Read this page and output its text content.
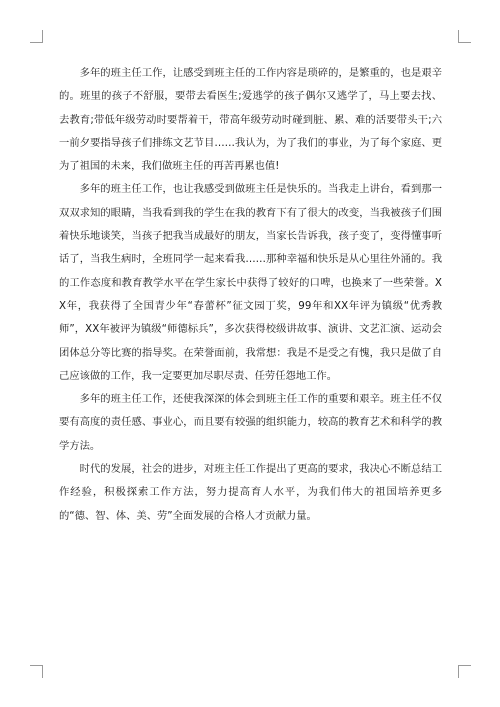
多年的班主任工作，让感受到班主任的工作内容是琐碎的，是繁重的，也是艰辛的。班里的孩子不舒服，要带去看医生;爱逃学的孩子偶尔又逃学了，马上要去找、去教育;带低年级劳动时要帮着干，带高年级劳动时碰到脏、累、难的活要带头干;六一前夕要指导孩子们排练文艺节目……我认为，为了我们的事业，为了每个家庭、更为了祖国的未来，我们做班主任的再苦再累也值!

多年的班主任工作，也让我感受到做班主任是快乐的。当我走上讲台，看到那一双双求知的眼睛，当我看到我的学生在我的教育下有了很大的改变，当我被孩子们围着快乐地谈笑，当孩子把我当成最好的朋友，当家长告诉我，孩子变了，变得懂事听话了，当我生病时，全班同学一起来看我……那种幸福和快乐是从心里往外涌的。我的工作态度和教育教学水平在学生家长中获得了较好的口啤，也换来了一些荣誉。XX年，我获得了全国青少年“春蕾杯”征文园丁奖，99年和XX年评为镇级“优秀教师”，XX年被评为镇级“师德标兵”，多次获得校级讲故事、演讲、文艺汇演、运动会团体总分等比赛的指导奖。在荣誉面前，我常想：我是不是受之有愧，我只是做了自己应该做的工作，我一定要更加尽职尽责、任劳任怨地工作。

多年的班主任工作，还使我深深的体会到班主任工作的重要和艰辛。班主任不仅要有高度的责任感、事业心，而且要有较强的组织能力，较高的教育艺术和科学的教学方法。

时代的发展，社会的进步，对班主任工作提出了更高的要求，我决心不断总结工作经验，积极探索工作方法，努力提高育人水平，为我们伟大的祖国培养更多的“德、智、体、美、劳”全面发展的合格人才贡献力量。
